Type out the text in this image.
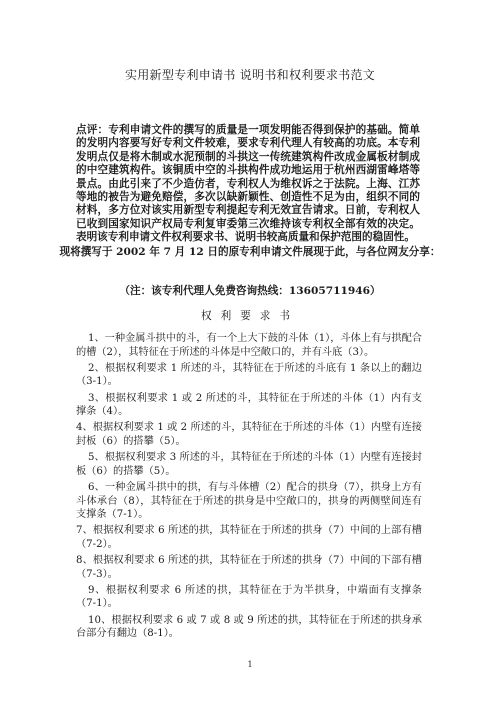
实用新型专利申请书 说明书和权利要求书范文
点评：专利申请文件的撰写的质量是一项发明能否得到保护的基础。简单的发明内容要写好专利文件较难，要求专利代理人有较高的功底。本专利发明点仅是将木制或水泥预制的斗拱这一传统建筑构件改成金属板材制成的中空建筑构件。该铜质中空的斗拱构件成功地运用于杭州西湖雷峰塔等景点。由此引来了不少造仿者，专利权人为维权诉之于法院。上海、江苏等地的被告为避免赔偿，多次以缺新颖性、创造性不足为由，组织不同的材料，多方位对该实用新型专利提起专利无效宣告请求。日前，专利权人已收到国家知识产权局专利复审委第三次维持该专利权全部有效的决定。表明该专利申请文件权利要求书、说明书较高质量和保护范围的稳固性。
现将撰写于 2002 年 7 月 12 日的原专利申请文件展现于此，与各位网友分享：
（注：该专利代理人免费咨询热线：13605711946）
权利要求书

1、一种金属斗拱中的斗，有一个上大下鼓的斗体（1），斗体上有与拱配合的槽（2），其特征在于所述的斗体是中空敞口的，并有斗底（3）。

2、根据权利要求 1 所述的斗，其特征在于所述的斗底有 1 条以上的翻边（3-1）。

3、根据权利要求 1 或 2 所述的斗，其特征在于所述的斗体（1）内有支撑条（4）。

4、根据权利要求 1 或 2 所述的斗，其特征在于所述的斗体（1）内壁有连接封板（6）的搭攀（5）。

5、根据权利要求 3 所述的斗，其特征在于所述的斗体（1）内壁有连接封板（6）的搭攀（5）。

6、一种金属斗拱中的拱，有与斗体槽（2）配合的拱身（7），拱身上方有斗体承台（8），其特征在于所述的拱身是中空敞口的，拱身的两侧壁间连有支撑条（7-1）。

7、根据权利要求 6 所述的拱，其特征在于所述的拱身（7）中间的上部有槽（7-2）。

8、根据权利要求 6 所述的拱，其特征在于所述的拱身（7）中间的下部有槽（7-3）。

9、根据权利要求 6 所述的拱，其特征在于为半拱身，中端面有支撑条（7-1）。

10、根据权利要求 6 或 7 或 8 或 9 所述的拱，其特征在于所述的拱身承台部分有翻边（8-1）。

1
